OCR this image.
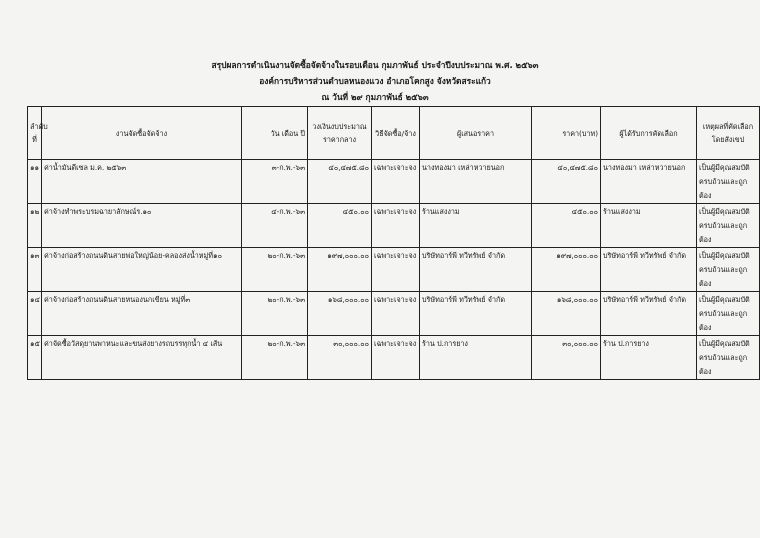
สรุปผลการดำเนินงานจัดซื้อจัดจ้างในรอบเดือน กุมภาพันธ์ ประจำปีงบประมาณ พ.ศ. ๒๕๖๓
องค์การบริหารส่วนตำบลหนองแวง อำเภอโคกสูง จังหวัดสระแก้ว
ณ วันที่ ๒๙ กุมภาพันธ์ ๒๕๖๓
ลำดับที่	งานจัดซื้อจัดจ้าง	วัน เดือน ปี	วงเงินงบประมาณราคากลาง	วิธีจัดซื้อ/จ้าง	ผู้เสนอราคา	ราคา(บาท)	ผู้ได้รับการคัดเลือก	เหตุผลที่คัดเลือกโดยสังเขป
๑๑	ค่าน้ำมันดีเซล ม.ค. ๒๕๖๓	๓-ก.พ.-๖๓	๔๐,๔๗๕.๘๐	เฉพาะเจาะจง	นางทองมา เหล่าหวายนอก	๔๐,๔๗๕.๘๐	นางทองมา เหล่าหวายนอก	เป็นผู้มีคุณสมบัติครบถ้วนและถูกต้อง
๑๒	ค่าจ้างทำพระบรมฉายาลักษณ์ร.๑๐	๔-ก.พ.-๖๓	๔๕๐.๐๐	เฉพาะเจาะจง	ร้านแสงงาม	๔๕๐.๐๐	ร้านแสงงาม	เป็นผู้มีคุณสมบัติครบถ้วนและถูกต้อง
๑๓	ค่าจ้างก่อสร้างถนนดินสายพ่อใหญ่น้อย-คลองส่งน้ำหมู่ที่๑๐	๒๐-ก.พ.-๖๓	๑๙๗,๐๐๐.๐๐	เฉพาะเจาะจง	บริษัทอาร์พี ทวีทรัพย์ จำกัด	๑๙๗,๐๐๐.๐๐	บริษัทอาร์พี ทวีทรัพย์ จำกัด	เป็นผู้มีคุณสมบัติครบถ้วนและถูกต้อง
๑๔	ค่าจ้างก่อสร้างถนนดินสายหนองนกเขียน หมู่ที่๓	๒๐-ก.พ.-๖๓	๑๖๘,๐๐๐.๐๐	เฉพาะเจาะจง	บริษัทอาร์พี ทวีทรัพย์ จำกัด	๑๖๘,๐๐๐.๐๐	บริษัทอาร์พี ทวีทรัพย์ จำกัด	เป็นผู้มีคุณสมบัติครบถ้วนและถูกต้อง
๑๕	ค่าจัดซื้อวัสดุยานพาหนะและขนส่งยางรถบรรทุกน้ำ ๔ เส้น	๒๐-ก.พ.-๖๓	๓๐,๐๐๐.๐๐	เฉพาะเจาะจง	ร้าน ป.การยาง	๓๐,๐๐๐.๐๐	ร้าน ป.การยาง	เป็นผู้มีคุณสมบัติครบถ้วนและถูกต้อง
